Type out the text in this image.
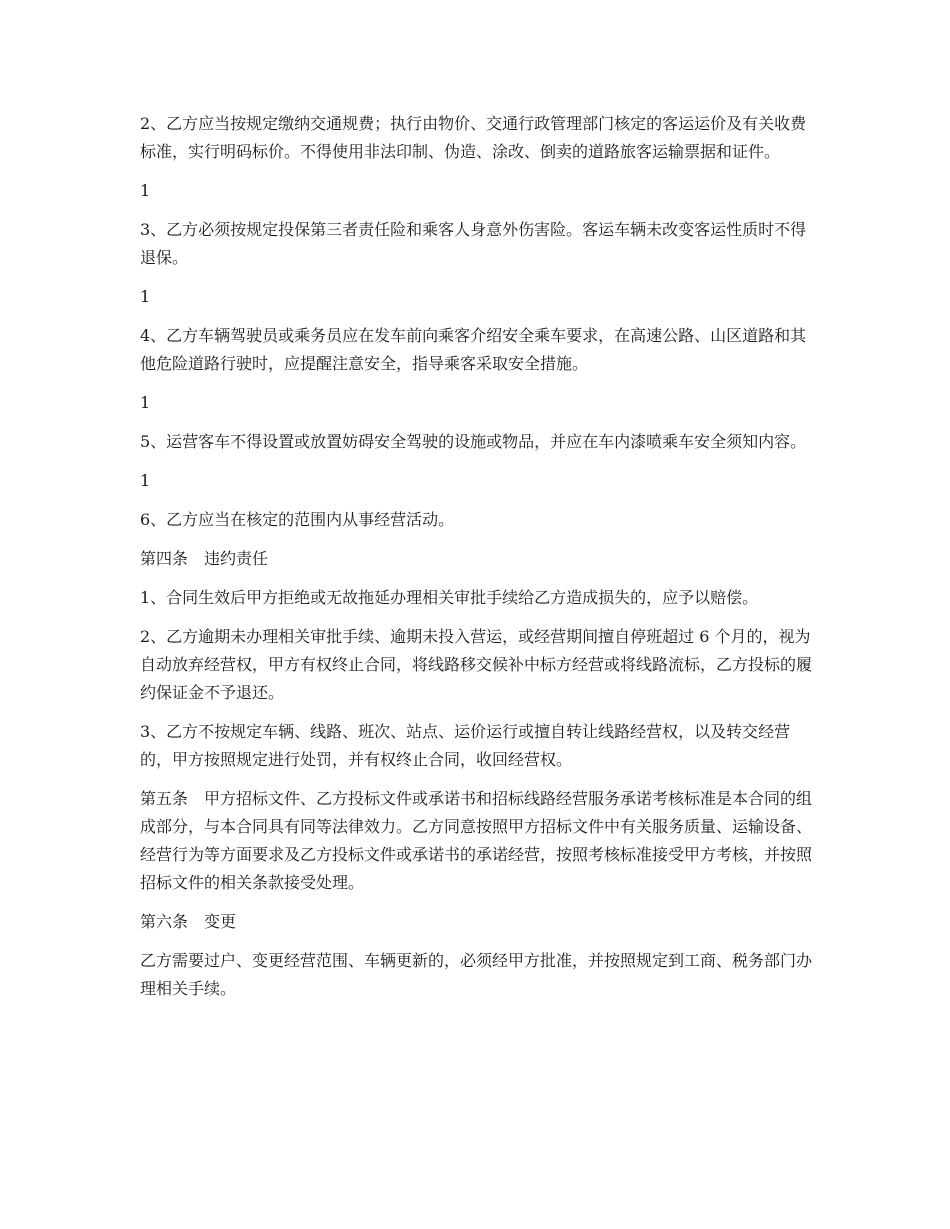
2、乙方应当按规定缴纳交通规费；执行由物价、交通行政管理部门核定的客运运价及有关收费标准，实行明码标价。不得使用非法印制、伪造、涂改、倒卖的道路旅客运输票据和证件。

1

3、乙方必须按规定投保第三者责任险和乘客人身意外伤害险。客运车辆未改变客运性质时不得退保。

1

4、乙方车辆驾驶员或乘务员应在发车前向乘客介绍安全乘车要求，在高速公路、山区道路和其他危险道路行驶时，应提醒注意安全，指导乘客采取安全措施。

1

5、运营客车不得设置或放置妨碍安全驾驶的设施或物品，并应在车内漆喷乘车安全须知内容。

1

6、乙方应当在核定的范围内从事经营活动。

第四条　违约责任

1、合同生效后甲方拒绝或无故拖延办理相关审批手续给乙方造成损失的，应予以赔偿。

2、乙方逾期未办理相关审批手续、逾期未投入营运，或经营期间擅自停班超过 6 个月的，视为自动放弃经营权，甲方有权终止合同，将线路移交候补中标方经营或将线路流标，乙方投标的履约保证金不予退还。

3、乙方不按规定车辆、线路、班次、站点、运价运行或擅自转让线路经营权，以及转交经营的，甲方按照规定进行处罚，并有权终止合同，收回经营权。

第五条　甲方招标文件、乙方投标文件或承诺书和招标线路经营服务承诺考核标准是本合同的组成部分，与本合同具有同等法律效力。乙方同意按照甲方招标文件中有关服务质量、运输设备、经营行为等方面要求及乙方投标文件或承诺书的承诺经营，按照考核标准接受甲方考核，并按照招标文件的相关条款接受处理。

第六条　变更

乙方需要过户、变更经营范围、车辆更新的，必须经甲方批准，并按照规定到工商、税务部门办理相关手续。
